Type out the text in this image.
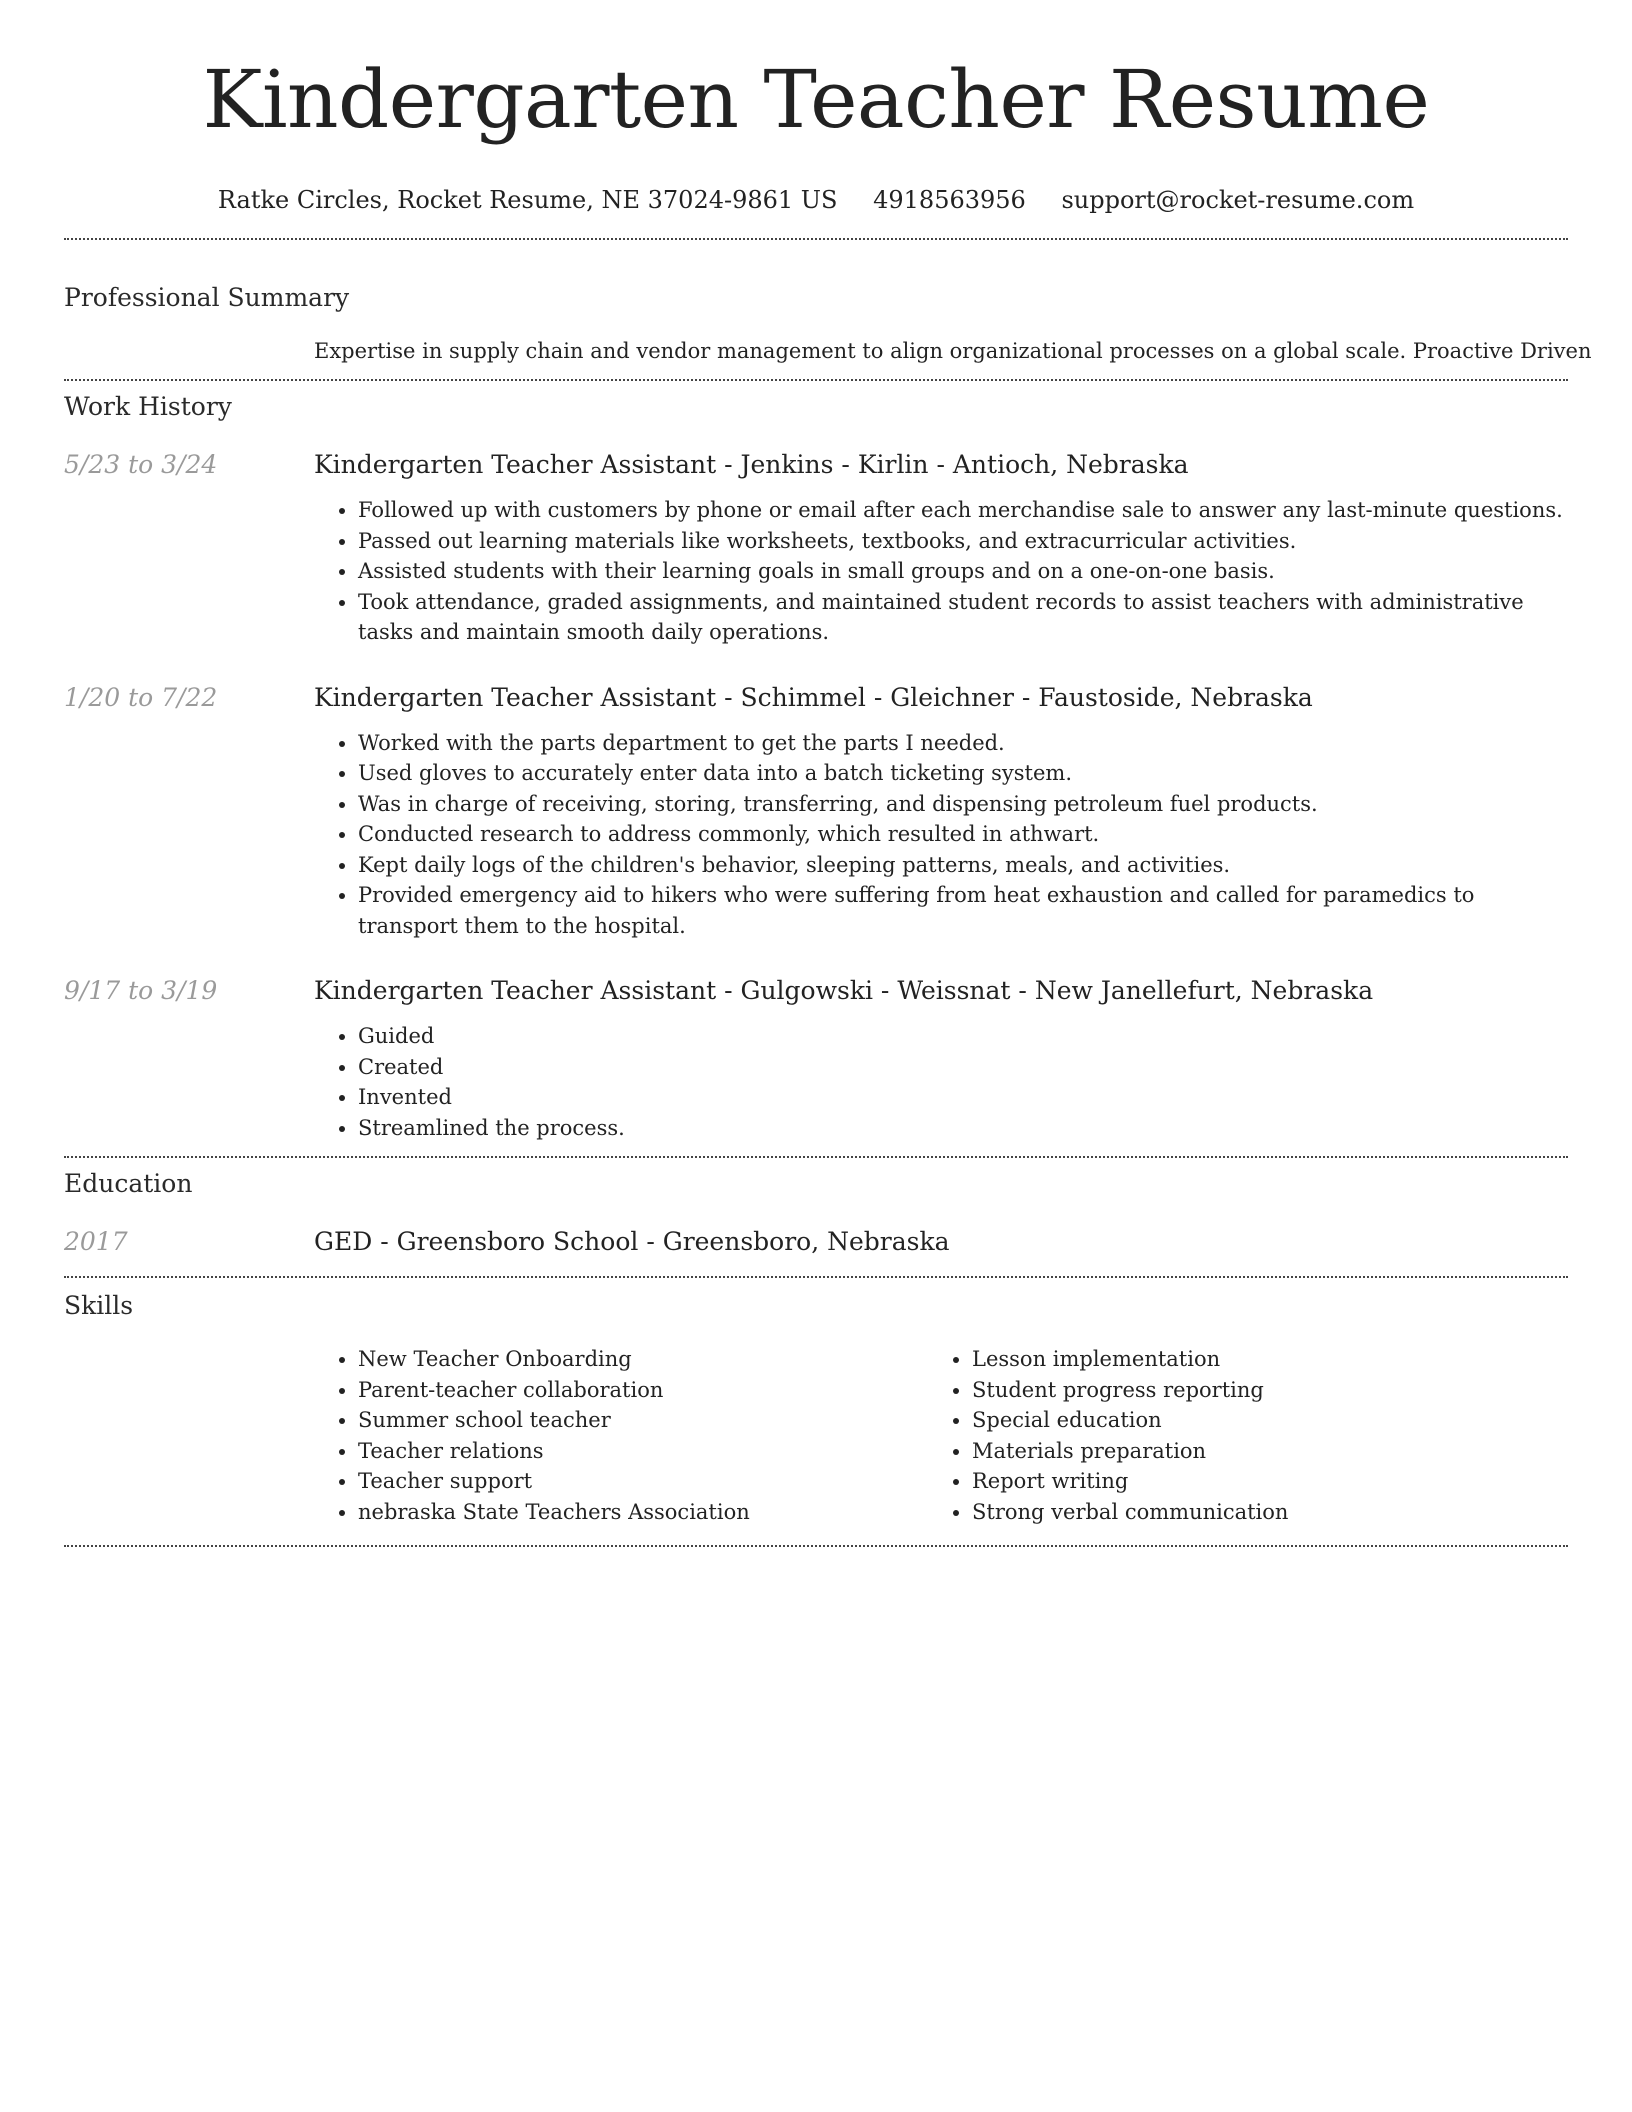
Kindergarten Teacher Resume
Ratke Circles, Rocket Resume, NE 37024-9861 US 4918563956 support@rocket-resume.com
Professional Summary
Expertise in supply chain and vendor management to align organizational processes on a global scale. Proactive Driven
Work History
5/23 to 3/24	Kindergarten Teacher Assistant - Jenkins - Kirlin - Antioch, Nebraska
• Followed up with customers by phone or email after each merchandise sale to answer any last-minute questions.
• Passed out learning materials like worksheets, textbooks, and extracurricular activities.
• Assisted students with their learning goals in small groups and on a one-on-one basis.
• Took attendance, graded assignments, and maintained student records to assist teachers with administrative tasks and maintain smooth daily operations.
1/20 to 7/22	Kindergarten Teacher Assistant - Schimmel - Gleichner - Faustoside, Nebraska
• Worked with the parts department to get the parts I needed.
• Used gloves to accurately enter data into a batch ticketing system.
• Was in charge of receiving, storing, transferring, and dispensing petroleum fuel products.
• Conducted research to address commonly, which resulted in athwart.
• Kept daily logs of the children's behavior, sleeping patterns, meals, and activities.
• Provided emergency aid to hikers who were suffering from heat exhaustion and called for paramedics to transport them to the hospital.
9/17 to 3/19	Kindergarten Teacher Assistant - Gulgowski - Weissnat - New Janellefurt, Nebraska
• Guided
• Created
• Invented
• Streamlined the process.
Education
2017	GED - Greensboro School - Greensboro, Nebraska
Skills
• New Teacher Onboarding
• Parent-teacher collaboration
• Summer school teacher
• Teacher relations
• Teacher support
• nebraska State Teachers Association
• Lesson implementation
• Student progress reporting
• Special education
• Materials preparation
• Report writing
• Strong verbal communication
